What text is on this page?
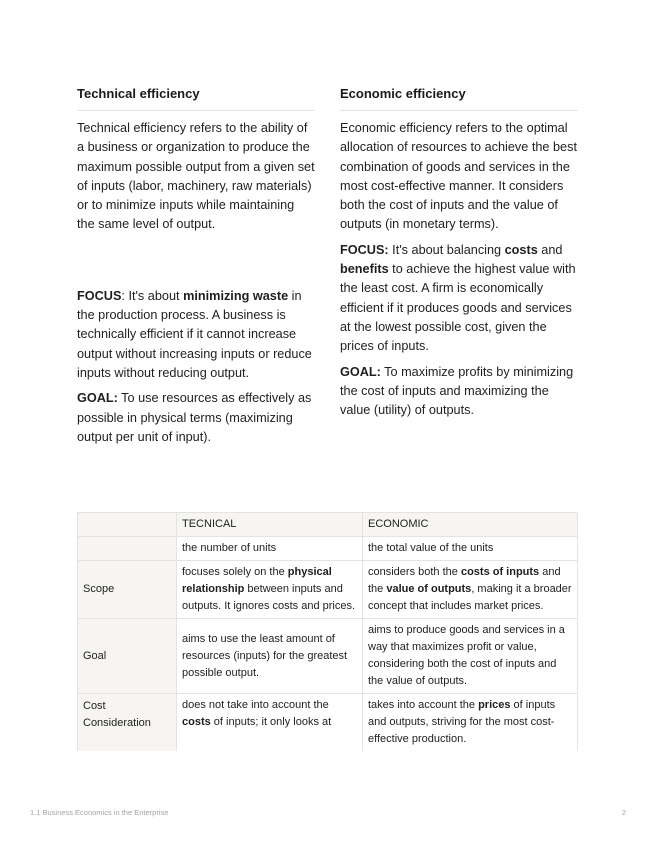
Technical efficiency

Technical efficiency refers to the ability of a business or organization to produce the maximum possible output from a given set of inputs (labor, machinery, raw materials) or to minimize inputs while maintaining the same level of output.

FOCUS: It's about minimizing waste in the production process. A business is technically efficient if it cannot increase output without increasing inputs or reduce inputs without reducing output.

GOAL: To use resources as effectively as possible in physical terms (maximizing output per unit of input).

Economic efficiency

Economic efficiency refers to the optimal allocation of resources to achieve the best combination of goods and services in the most cost-effective manner. It considers both the cost of inputs and the value of outputs (in monetary terms).

FOCUS: It's about balancing costs and benefits to achieve the highest value with the least cost. A firm is economically efficient if it produces goods and services at the lowest possible cost, given the prices of inputs.

GOAL: To maximize profits by minimizing the cost of inputs and maximizing the value (utility) of outputs.

	TECNICAL	ECONOMIC
	the number of units	the total value of the units
Scope	focuses solely on the physical relationship between inputs and outputs. It ignores costs and prices.	considers both the costs of inputs and the value of outputs, making it a broader concept that includes market prices.
Goal	aims to use the least amount of resources (inputs) for the greatest possible output.	aims to produce goods and services in a way that maximizes profit or value, considering both the cost of inputs and the value of outputs.
Cost Consideration	does not take into account the costs of inputs; it only looks at	takes into account the prices of inputs and outputs, striving for the most cost-effective production.
1.1 Business Economics in the Enterprise	2
